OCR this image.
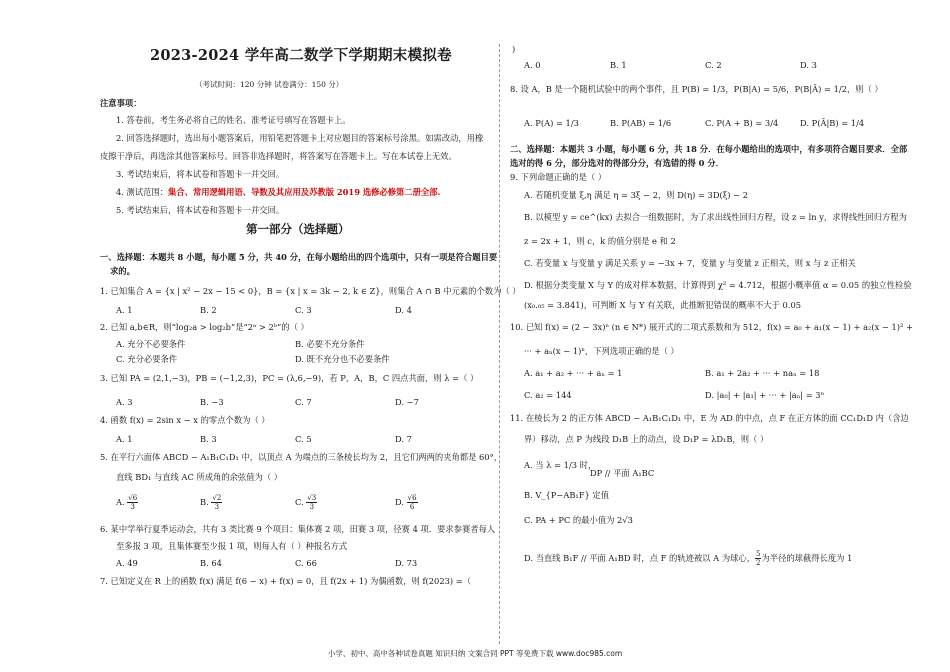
2023-2024 学年高二数学下学期期末模拟卷
（考试时间：120 分钟 试卷满分：150 分）
注意事项：
1. 答卷前，考生务必将自己的姓名、准考证号填写在答题卡上。
2. 回答选择题时，选出每小题答案后，用铅笔把答题卡上对应题目的答案标号涂黑。如需改动，用橡
皮擦干净后，再选涂其他答案标号。回答非选择题时，将答案写在答题卡上。写在本试卷上无效。
3. 考试结束后，将本试卷和答题卡一并交回。
4. 测试范围：集合、常用逻辑用语、导数及其应用及苏教版 2019 选修必修第二册全部.
5. 考试结束后，将本试卷和答题卡一并交回。
第一部分（选择题）
一、选择题：本题共 8 小题，每小题 5 分，共 40 分，在每小题给出的四个选项中，只有一项是符合题目要
求的。
1. 已知集合 A = {x | x² − 2x − 15 < 0}，B = {x | x = 3k − 2, k ∈ Z}，则集合 A ∩ B 中元素的个数为（ ）
A. 1	B. 2	C. 3	D. 4
2. 已知 a,b∈R，则“log₂a > log₂b”是“2ᵃ > 2ᵇ”的（ ）
A. 充分不必要条件	B. 必要不充分条件
C. 充分必要条件	D. 既不充分也不必要条件
3. 已知 PA = (2,1,−3)，PB = (−1,2,3)，PC = (λ,6,−9)，若 P，A，B，C 四点共面，则 λ =（ ）
A. 3	B. −3	C. 7	D. −7
4. 函数 f(x) = 2sin x − x 的零点个数为（ ）
A. 1	B. 3	C. 5	D. 7
5. 在平行六面体 ABCD − A₁B₁C₁D₁ 中，以顶点 A 为端点的三条棱长均为 2，且它们两两的夹角都是 60°，
直线 BD₁ 与直线 AC 所成角的余弦值为（ ）
A. $\frac{√6}{3}$	B. $\frac{√2}{3}$	C. $\frac{√3}{3}$	D. $\frac{√6}{6}$
6. 某中学举行夏季运动会，共有 3 类比赛 9 个项目：集体赛 2 项，田赛 3 项，径赛 4 项．要求参赛者每人
至多报 3 项，且集体赛至少报 1 项，则每人有（ ）种报名方式
A. 49	B. 64	C. 66	D. 73
7. 已知定义在 R 上的函数 f(x) 满足 f(6 − x) + f(x) = 0，且 f(2x + 1) 为偶函数，则 f(2023) =（
)
A. 0	B. 1	C. 2	D. 3
8. 设 A，B 是一个随机试验中的两个事件，且 P(B) = 1/3，P(B|A) = 5/6，P(B|Ā) = 1/2，则（ ）
A. P(A) = 1/3	B. P(AB) = 1/6	C. P(A + B) = 3/4	D. P(Ā|B) = 1/4
二、选择题：本题共 3 小题，每小题 6 分，共 18 分．在每小题给出的选项中，有多项符合题目要求．全部
选对的得 6 分，部分选对的得部分分，有选错的得 0 分．
9. 下列命题正确的是（ ）
A. 若随机变量 ξ,η 满足 η = 3ξ − 2，则 D(η) = 3D(ξ) − 2
B. 以模型 y = ce^(kx) 去拟合一组数据时，为了求出线性回归方程，设 z = ln y，求得线性回归方程为
z = 2x + 1，则 c，k 的值分别是 e 和 2
C. 若变量 x 与变量 y 满足关系 y = −3x + 7，变量 y 与变量 z 正相关，则 x 与 z 正相关
D. 根据分类变量 X 与 Y 的成对样本数据，计算得到 χ² = 4.712，根据小概率值 α = 0.05 的独立性检验
(x₀.₀₅ = 3.841)，可判断 X 与 Y 有关联，此推断犯错误的概率不大于 0.05
10. 已知 f(x) = (2 − 3x)ⁿ (n ∈ N*) 展开式的二项式系数和为 512，f(x) = a₀ + a₁(x − 1) + a₂(x − 1)² +
··· + aₙ(x − 1)ⁿ，下列选项正确的是（ ）
A. a₁ + a₂ + ··· + aₙ = 1	B. a₁ + 2a₂ + ··· + naₙ = 18
C. a₂ = 144	D. |a₀| + |a₁| + ··· + |aₙ| = 3ⁿ
11. 在棱长为 2 的正方体 ABCD − A₁B₁C₁D₁ 中，E 为 AD 的中点，点 F 在正方体的面 CC₁D₁D 内（含边
界）移动，点 P 为线段 D₁B 上的动点，设 D₁P = λD₁B，则（ ）
A. 当 λ = 1/3 时，
DP // 平面 A₁BC
B. V_{P−AB₁F} 定值
C. PA + PC 的最小值为 2√3
D. 当直线 B₁F // 平面 A₁BD 时，点 F 的轨迹被以 A 为球心， $\frac{5}{2}$ 为半径的球截得长度为 1
小学、初中、高中各种试卷真题 知识归纳 文案合同 PPT 等免费下载 www.doc985.com
